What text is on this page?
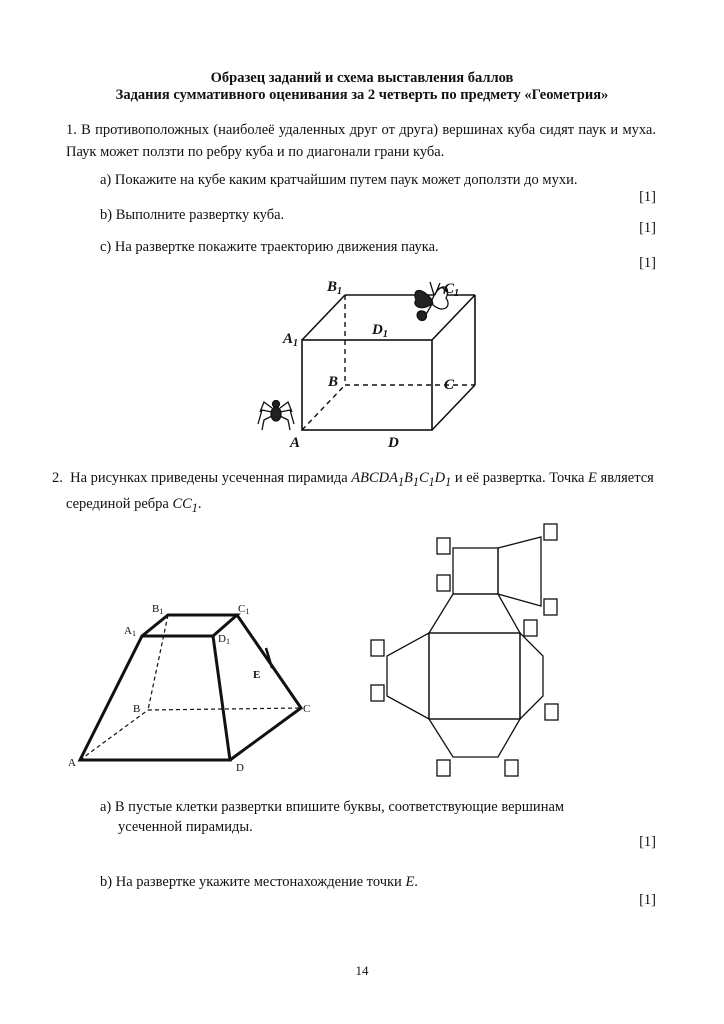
Образец заданий и схема выставления баллов
Задания суммативного оценивания за 2 четверть по предмету «Геометрия»
1. В противоположных (наиболеё удаленных друг от друга) вершинах куба сидят паук и муха. Паук может ползти по ребру куба и по диагонали грани куба.
a) Покажите на кубе каким кратчайшим путем паук может доползти до мухи.
[1]
b) Выполните развертку куба.
[1]
c) На развертке покажите траекторию движения паука.
[1]
A
B	C
D
$A_1$
$B_1$	$C_1$
$D_1$
2. На рисунках приведены усеченная пирамида $ABCDA_1B_1C_1D_1$ и её развертка. Точка E является
серединой ребра $CC_1$.
A
B	C
D
A1
B1	C1
D1
E
a) В пустые клетки развертки впишите буквы, соответствующие вершинам
усеченной пирамиды.
[1]
b) На развертке укажите местонахождение точки E.
[1]
14
